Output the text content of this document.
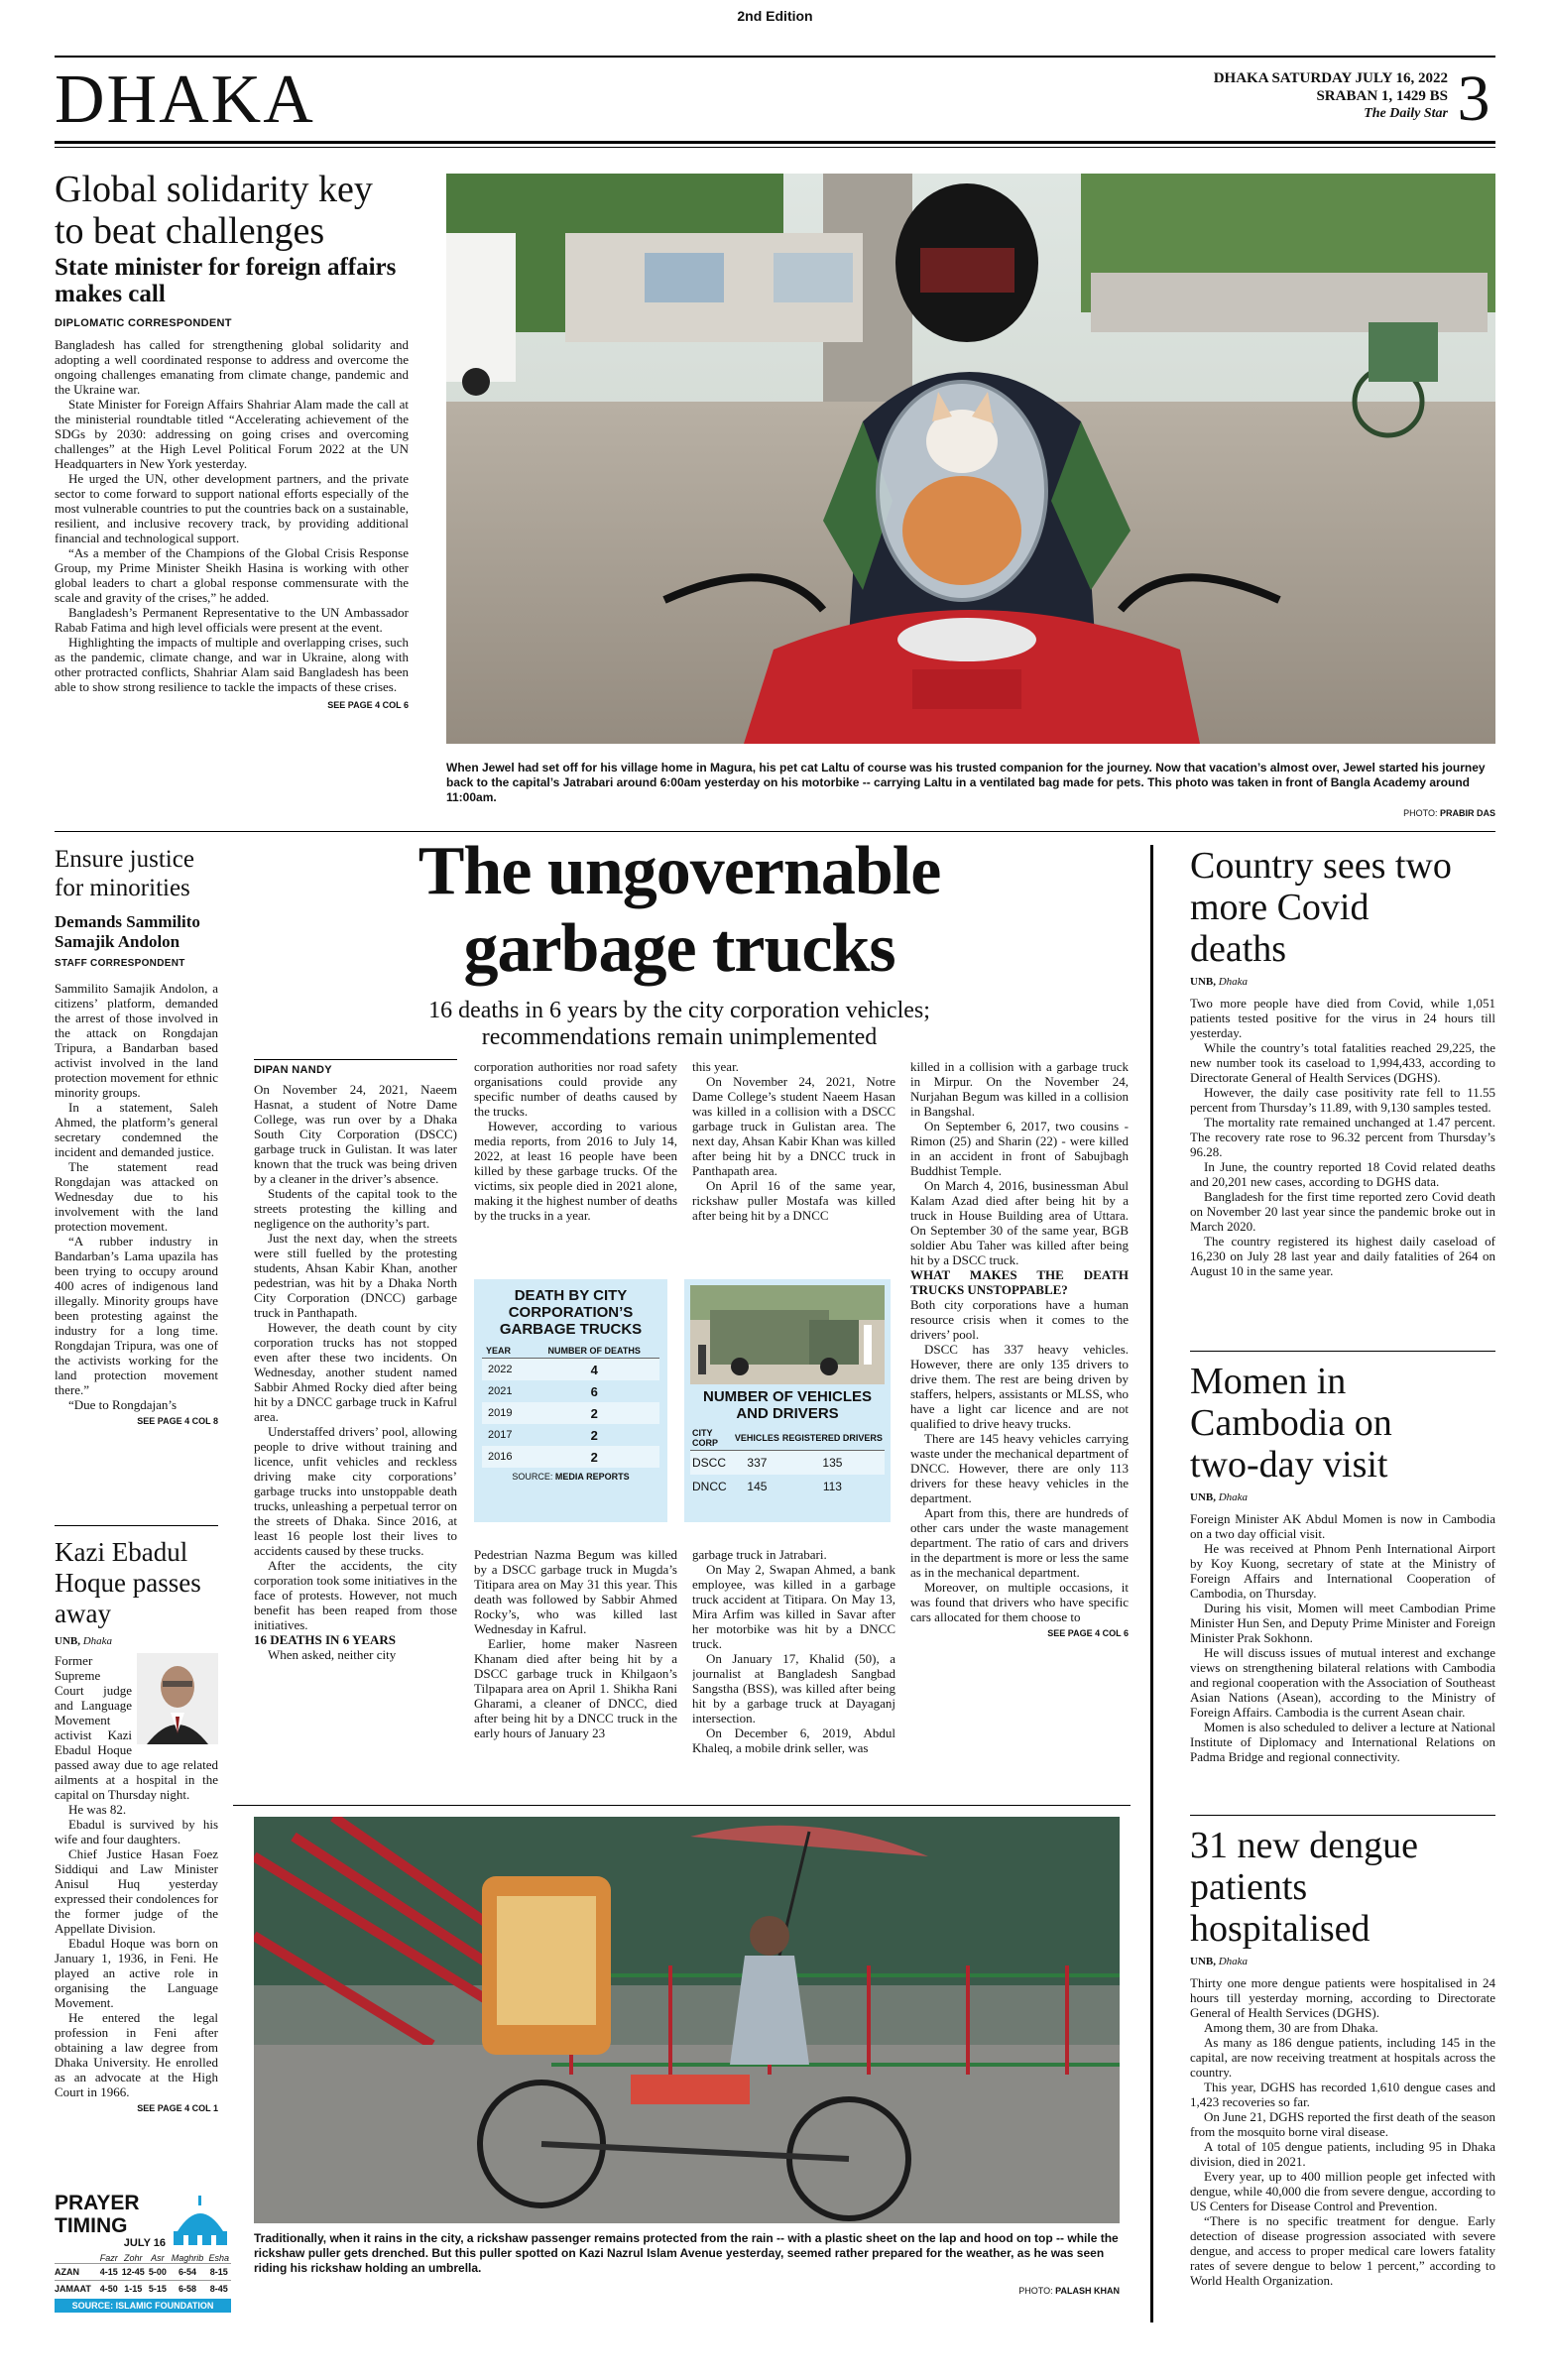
2nd Edition
DHAKA	DHAKA SATURDAY JULY 16, 2022
SRABAN 1, 1429 BS
The Daily Star 3
Global solidarity key to beat challenges
State minister for foreign affairs makes call
DIPLOMATIC CORRESPONDENT

Bangladesh has called for strengthening global solidarity and adopting a well coordinated response to address and overcome the ongoing challenges emanating from climate change, pandemic and the Ukraine war.

State Minister for Foreign Affairs Shahriar Alam made the call at the ministerial roundtable titled “Accelerating achievement of the SDGs by 2030: addressing on going crises and overcoming challenges” at the High Level Political Forum 2022 at the UN Headquarters in New York yesterday.

He urged the UN, other development partners, and the private sector to come forward to support national efforts especially of the most vulnerable countries to put the countries back on a sustainable, resilient, and inclusive recovery track, by providing additional financial and technological support.

“As a member of the Champions of the Global Crisis Response Group, my Prime Minister Sheikh Hasina is working with other global leaders to chart a global response commensurate with the scale and gravity of the crises,” he added.

Bangladesh’s Permanent Representative to the UN Ambassador Rabab Fatima and high level officials were present at the event.

Highlighting the impacts of multiple and overlapping crises, such as the pandemic, climate change, and war in Ukraine, along with other protracted conflicts, Shahriar Alam said Bangladesh has been able to show strong resilience to tackle the impacts of these crises.

SEE PAGE 4 COL 6
When Jewel had set off for his village home in Magura, his pet cat Laltu of course was his trusted companion for the journey. Now that vacation’s almost over, Jewel started his journey back to the capital’s Jatrabari around 6:00am yesterday on his motorbike -- carrying Laltu in a ventilated bag made for pets. This photo was taken in front of Bangla Academy around 11:00am.
PHOTO: PRABIR DAS
Ensure justice for minorities
Demands Sammilito Samajik Andolon
STAFF CORRESPONDENT

Sammilito Samajik Andolon, a citizens’ platform, demanded the arrest of those involved in the attack on Rongdajan Tripura, a Bandarban based activist involved in the land protection movement for ethnic minority groups.

In a statement, Saleh Ahmed, the platform’s general secretary condemned the incident and demanded justice.

The statement read Rongdajan was attacked on Wednesday due to his involvement with the land protection movement.

“A rubber industry in Bandarban’s Lama upazila has been trying to occupy around 400 acres of indigenous land illegally. Minority groups have been protesting against the industry for a long time. Rongdajan Tripura, was one of the activists working for the land protection movement there.”

“Due to Rongdajan’s

SEE PAGE 4 COL 8
Kazi Ebadul Hoque passes away
UNB, Dhaka

Former Supreme Court judge and Language Movement activist Kazi Ebadul Hoque passed away due to age related ailments at a hospital in the capital on Thursday night.

He was 82.

Ebadul is survived by his wife and four daughters.

Chief Justice Hasan Foez Siddiqui and Law Minister Anisul Huq yesterday expressed their condolences for the former judge of the Appellate Division.

Ebadul Hoque was born on January 1, 1936, in Feni. He played an active role in organising the Language Movement.

He entered the legal profession in Feni after obtaining a law degree from Dhaka University. He enrolled as an advocate at the High Court in 1966.

SEE PAGE 4 COL 1
PRAYER
TIMING
JULY 16
	Fazr	Zohr	Asr	Maghrib	Esha
AZAN	4-15	12-45	5-00	6-54	8-15
JAMAAT	4-50	1-15	5-15	6-58	8-45
SOURCE: ISLAMIC FOUNDATION
The ungovernable
garbage trucks
16 deaths in 6 years by the city corporation vehicles;
recommendations remain unimplemented
DIPAN NANDY

On November 24, 2021, Naeem Hasnat, a student of Notre Dame College, was run over by a Dhaka South City Corporation (DSCC) garbage truck in Gulistan. It was later known that the truck was being driven by a cleaner in the driver’s absence.

Students of the capital took to the streets protesting the killing and negligence on the authority’s part.

Just the next day, when the streets were still fuelled by the protesting students, Ahsan Kabir Khan, another pedestrian, was hit by a Dhaka North City Corporation (DNCC) garbage truck in Panthapath.

However, the death count by city corporation trucks has not stopped even after these two incidents. On Wednesday, another student named Sabbir Ahmed Rocky died after being hit by a DNCC garbage truck in Kafrul area.

Understaffed drivers’ pool, allowing people to drive without training and licence, unfit vehicles and reckless driving make city corporations’ garbage trucks into unstoppable death trucks, unleashing a perpetual terror on the streets of Dhaka. Since 2016, at least 16 people lost their lives to accidents caused by these trucks.

After the accidents, the city corporation took some initiatives in the face of protests. However, not much benefit has been reaped from those initiatives.

16 DEATHS IN 6 YEARS

When asked, neither city

corporation authorities nor road safety organisations could provide any specific number of deaths caused by the trucks.

However, according to various media reports, from 2016 to July 14, 2022, at least 16 people have been killed by these garbage trucks. Of the victims, six people died in 2021 alone, making it the highest number of deaths by the trucks in a year.

this year.

On November 24, 2021, Notre Dame College’s student Naeem Hasan was killed in a collision with a DSCC garbage truck in Gulistan area. The next day, Ahsan Kabir Khan was killed after being hit by a DNCC truck in Panthapath area.

On April 16 of the same year, rickshaw puller Mostafa was killed after being hit by a DNCC

killed in a collision with a garbage truck in Mirpur. On the November 24, Nurjahan Begum was killed in a collision in Bangshal.

On September 6, 2017, two cousins - Rimon (25) and Sharin (22) - were killed in an accident in front of Sabujbagh Buddhist Temple.

On March 4, 2016, businessman Abul Kalam Azad died after being hit by a truck in House Building area of Uttara. On September 30 of the same year, BGB soldier Abu Taher was killed after being hit by a DSCC truck.

WHAT MAKES THE DEATH TRUCKS UNSTOPPABLE?

Both city corporations have a human resource crisis when it comes to the drivers’ pool.

DSCC has 337 heavy vehicles. However, there are only 135 drivers to drive them. The rest are being driven by staffers, helpers, assistants or MLSS, who have a light car licence and are not qualified to drive heavy trucks.

There are 145 heavy vehicles carrying waste under the mechanical department of DNCC. However, there are only 113 drivers for these heavy vehicles in the department.

Apart from this, there are hundreds of other cars under the waste management department. The ratio of cars and drivers in the department is more or less the same as in the mechanical department.

Moreover, on multiple occasions, it was found that drivers who have specific cars allocated for them choose to

SEE PAGE 4 COL 6
DEATH BY CITY CORPORATION’S GARBAGE TRUCKS
YEAR	NUMBER OF DEATHS
2022	4
2021	6
2019	2
2017	2
2016	2
SOURCE: MEDIA REPORTS
NUMBER OF VEHICLES AND DRIVERS
CITY CORP	VEHICLES	REGISTERED DRIVERS
DSCC	337	135
DNCC	145	113

Pedestrian Nazma Begum was killed by a DSCC garbage truck in Mugda’s Titipara area on May 31 this year. This death was followed by Sabbir Ahmed Rocky’s, who was killed last Wednesday in Kafrul.

Earlier, home maker Nasreen Khanam died after being hit by a DSCC garbage truck in Khilgaon’s Tilpapara area on April 1. Shikha Rani Gharami, a cleaner of DNCC, died after being hit by a DNCC truck in the early hours of January 23

garbage truck in Jatrabari.

On May 2, Swapan Ahmed, a bank employee, was killed in a garbage truck accident at Titipara. On May 13, Mira Arfim was killed in Savar after her motorbike was hit by a DNCC truck.

On January 17, Khalid (50), a journalist at Bangladesh Sangbad Sangstha (BSS), was killed after being hit by a garbage truck at Dayaganj intersection.

On December 6, 2019, Abdul Khaleq, a mobile drink seller, was

Traditionally, when it rains in the city, a rickshaw passenger remains protected from the rain -- with a plastic sheet on the lap and hood on top -- while the rickshaw puller gets drenched. But this puller spotted on Kazi Nazrul Islam Avenue yesterday, seemed rather prepared for the weather, as he was seen riding his rickshaw holding an umbrella.
PHOTO: PALASH KHAN
Country sees two more Covid deaths
UNB, Dhaka

Two more people have died from Covid, while 1,051 patients tested positive for the virus in 24 hours till yesterday.

While the country’s total fatalities reached 29,225, the new number took its caseload to 1,994,433, according to Directorate General of Health Services (DGHS).

However, the daily case positivity rate fell to 11.55 percent from Thursday’s 11.89, with 9,130 samples tested.

The mortality rate remained unchanged at 1.47 percent. The recovery rate rose to 96.32 percent from Thursday’s 96.28.

In June, the country reported 18 Covid related deaths and 20,201 new cases, according to DGHS data.

Bangladesh for the first time reported zero Covid death on November 20 last year since the pandemic broke out in March 2020.

The country registered its highest daily caseload of 16,230 on July 28 last year and daily fatalities of 264 on August 10 in the same year.

Momen in Cambodia on two-day visit
UNB, Dhaka

Foreign Minister AK Abdul Momen is now in Cambodia on a two day official visit.

He was received at Phnom Penh International Airport by Koy Kuong, secretary of state at the Ministry of Foreign Affairs and International Cooperation of Cambodia, on Thursday.

During his visit, Momen will meet Cambodian Prime Minister Hun Sen, and Deputy Prime Minister and Foreign Minister Prak Sokhonn.

He will discuss issues of mutual interest and exchange views on strengthening bilateral relations with Cambodia and regional cooperation with the Association of Southeast Asian Nations (Asean), according to the Ministry of Foreign Affairs. Cambodia is the current Asean chair.

Momen is also scheduled to deliver a lecture at National Institute of Diplomacy and International Relations on Padma Bridge and regional connectivity.

31 new dengue patients hospitalised
UNB, Dhaka

Thirty one more dengue patients were hospitalised in 24 hours till yesterday morning, according to Directorate General of Health Services (DGHS).

Among them, 30 are from Dhaka.

As many as 186 dengue patients, including 145 in the capital, are now receiving treatment at hospitals across the country.

This year, DGHS has recorded 1,610 dengue cases and 1,423 recoveries so far.

On June 21, DGHS reported the first death of the season from the mosquito borne viral disease.

A total of 105 dengue patients, including 95 in Dhaka division, died in 2021.

Every year, up to 400 million people get infected with dengue, while 40,000 die from severe dengue, according to US Centers for Disease Control and Prevention.

“There is no specific treatment for dengue. Early detection of disease progression associated with severe dengue, and access to proper medical care lowers fatality rates of severe dengue to below 1 percent,” according to World Health Organization.
